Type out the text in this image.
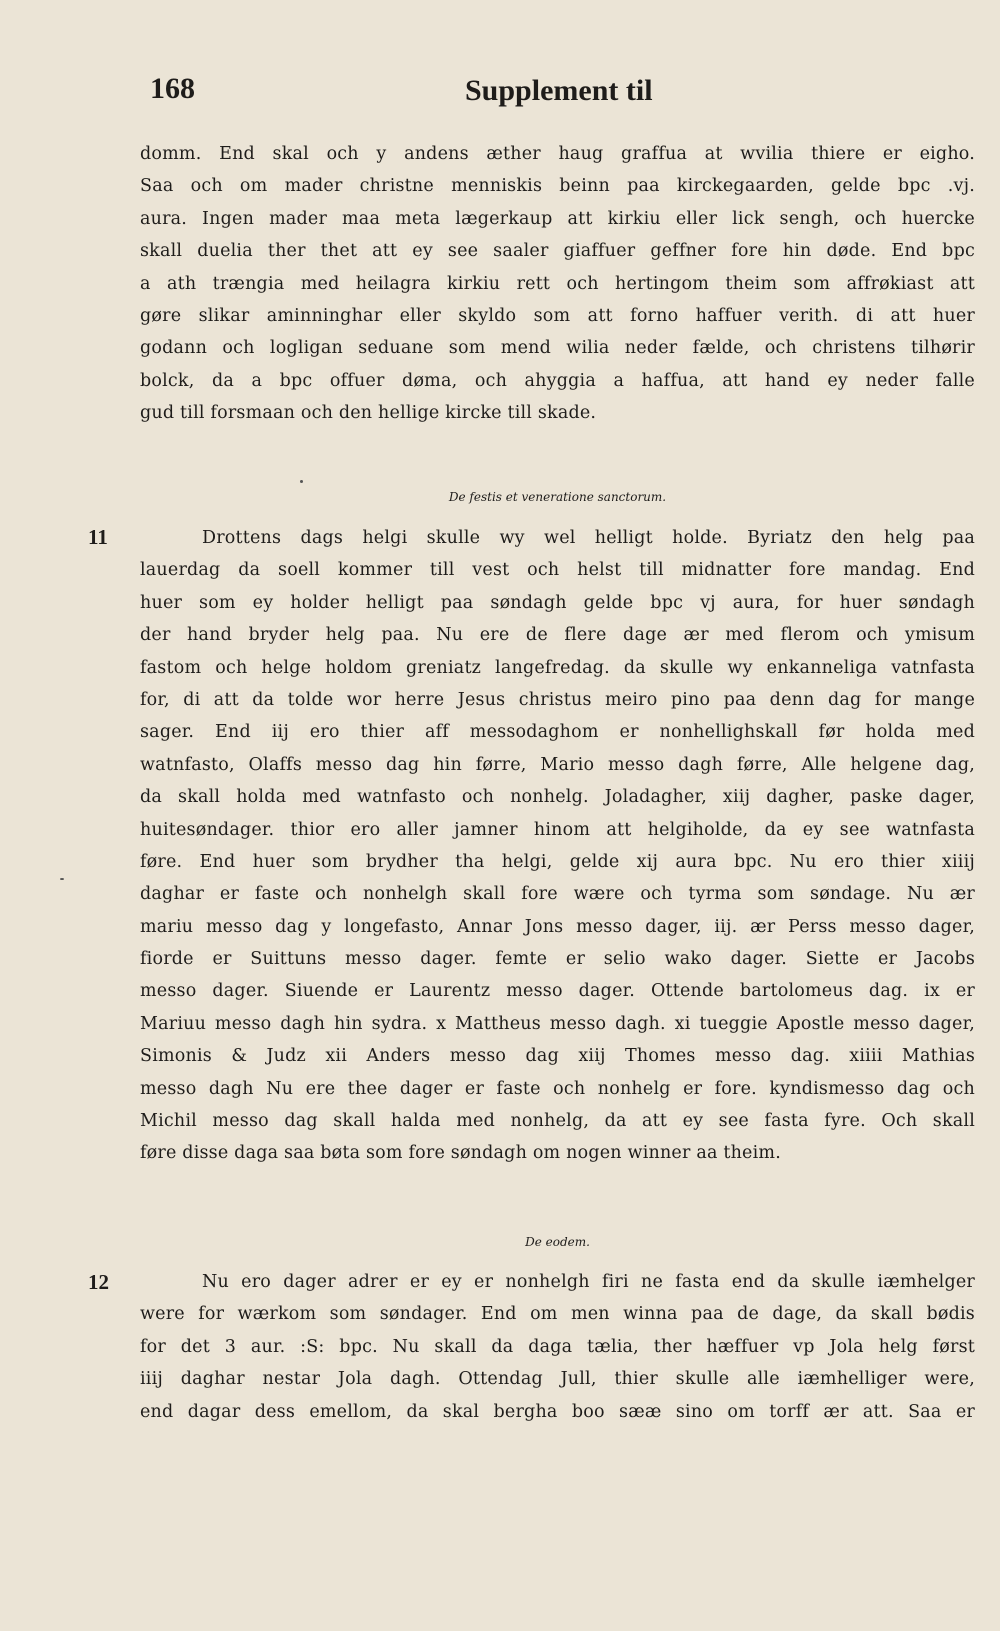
168	Supplement til
domm. End skal och y andens æther haug graffua at wvilia thiere er eigho.
Saa och om mader christne menniskis beinn paa kirckegaarden, gelde bpc .vj.
aura. Ingen mader maa meta lægerkaup att kirkiu eller lick sengh, och huercke
skall duelia ther thet att ey see saaler giaffuer geffner fore hin døde. End bpc
a ath trængia med heilagra kirkiu rett och hertingom theim som affrøkiast att
gøre slikar aminninghar eller skyldo som att forno haffuer verith. di att huer
godann och logligan seduane som mend wilia neder fælde, och christens tilhørir
bolck, da a bpc offuer døma, och ahyggia a haffua, att hand ey neder falle
gud till forsmaan och den hellige kircke till skade.
De festis et veneratione sanctorum.
11	Drottens dags helgi skulle wy wel helligt holde. Byriatz den helg paa
lauerdag da soell kommer till vest och helst till midnatter fore mandag. End
huer som ey holder helligt paa søndagh gelde bpc vj aura, for huer søndagh
der hand bryder helg paa. Nu ere de flere dage ær med flerom och ymisum
fastom och helge holdom greniatz langefredag. da skulle wy enkanneliga vatnfasta
for, di att da tolde wor herre Jesus christus meiro pino paa denn dag for mange
sager. End iij ero thier aff messodaghom er nonhellighskall før holda med
watnfasto, Olaffs messo dag hin førre, Mario messo dagh førre, Alle helgene dag,
da skall holda med watnfasto och nonhelg. Joladagher, xiij dagher, paske dager,
huitesøndager. thior ero aller jamner hinom att helgiholde, da ey see watnfasta
føre. End huer som brydher tha helgi, gelde xij aura bpc. Nu ero thier xiiij
daghar er faste och nonhelgh skall fore wære och tyrma som søndage. Nu ær
mariu messo dag y longefasto, Annar Jons messo dager, iij. ær Perss messo dager,
fiorde er Suittuns messo dager. femte er selio wako dager. Siette er Jacobs
messo dager. Siuende er Laurentz messo dager. Ottende bartolomeus dag. ix er
Mariuu messo dagh hin sydra. x Mattheus messo dagh. xi tueggie Apostle messo dager,
Simonis & Judz xii Anders messo dag xiij Thomes messo dag. xiiii Mathias
messo dagh Nu ere thee dager er faste och nonhelg er fore. kyndismesso dag och
Michil messo dag skall halda med nonhelg, da att ey see fasta fyre. Och skall
føre disse daga saa bøta som fore søndagh om nogen winner aa theim.
De eodem.
12	Nu ero dager adrer er ey er nonhelgh firi ne fasta end da skulle iæmhelger
were for wærkom som søndager. End om men winna paa de dage, da skall bødis
for det 3 aur. :S: bpc. Nu skall da daga tælia, ther hæffuer vp Jola helg først
iiij daghar nestar Jola dagh. Ottendag Jull, thier skulle alle iæmhelliger were,
end dagar dess emellom, da skal bergha boo sææ sino om torff ær att. Saa er
